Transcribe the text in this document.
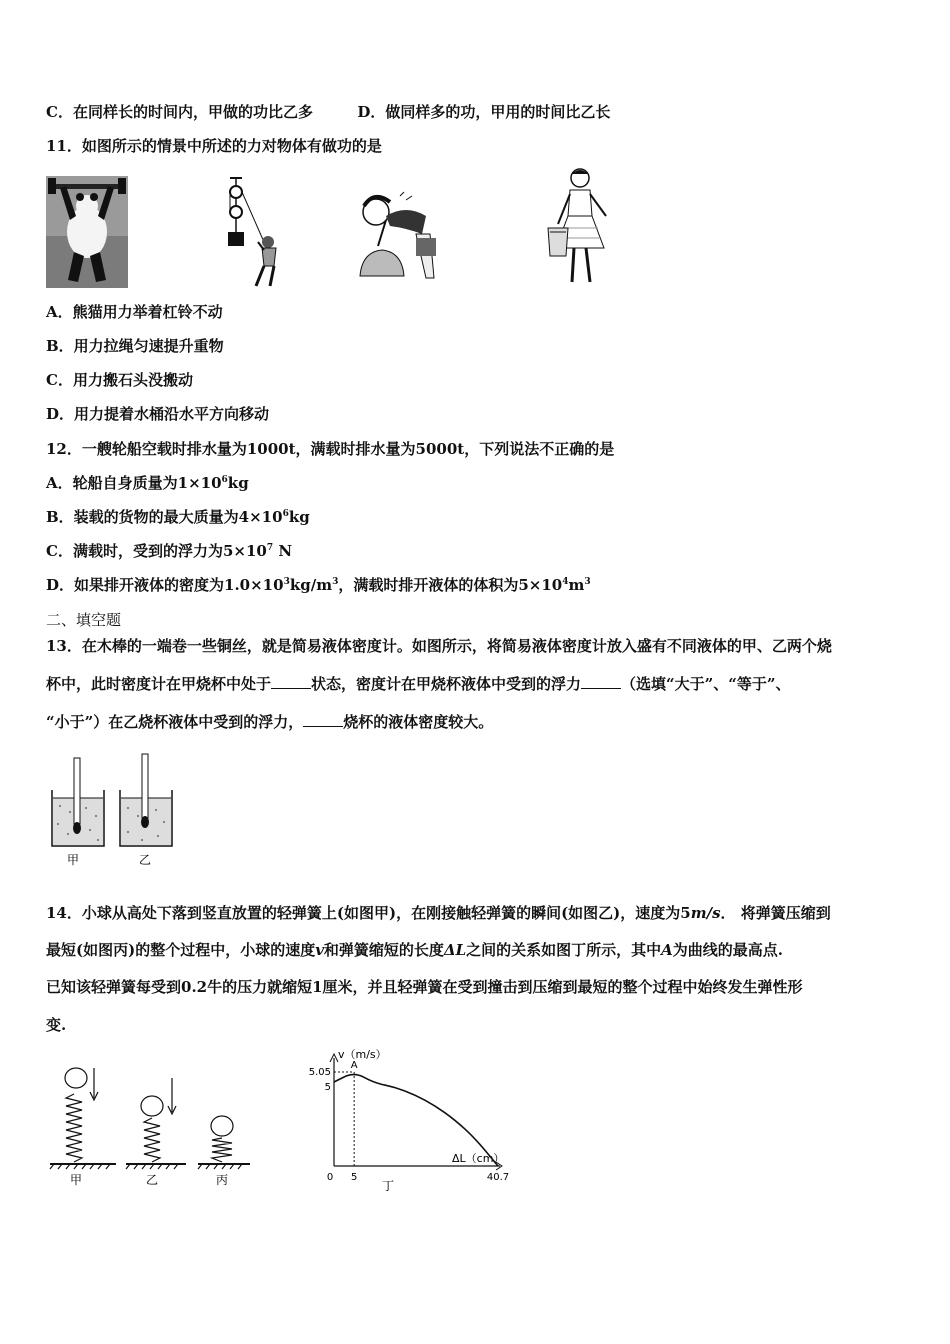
C．在同样长的时间内，甲做的功比乙多	D．做同样多的功，甲用的时间比乙长
11．如图所示的情景中所述的力对物体有做功的是
A．熊猫用力举着杠铃不动
B．用力拉绳匀速提升重物
C．用力搬石头没搬动
D．用力提着水桶沿水平方向移动
12．一艘轮船空载时排水量为1000t，满载时排水量为5000t，下列说法不正确的是
A．轮船自身质量为$1\times 10^6kg$
B．装载的货物的最大质量为$4\times 10^6kg$
C．满载时，受到的浮力为$5\times 10^7$ N
D．如果排开液体的密度为$1.0\times 10^3kg/m^3$，满载时排开液体的体积为$5\times 10^4m^3$
二、填空题
13．在木棒的一端卷一些铜丝，就是简易液体密度计。如图所示，将简易液体密度计放入盛有不同液体的甲、乙两个烧
杯中，此时密度计在甲烧杯中处于	状态，密度计在甲烧杯液体中受到的浮力	（选填“大于”、“等于”、
“小于”）在乙烧杯液体中受到的浮力，	烧杯的液体密度较大。
甲	乙
14．小球从高处下落到竖直放置的轻弹簧上(如图甲)，在刚接触轻弹簧的瞬间(如图乙)，速度为5m/s． 将弹簧压缩到
最短(如图丙)的整个过程中，小球的速度v和弹簧缩短的长度ΔL之间的关系如图丁所示，其中A为曲线的最高点.
已知该轻弹簧每受到0.2牛的压力就缩短1厘米，并且轻弹簧在受到撞击到压缩到最短的整个过程中始终发生弹性形
变.
甲	乙	丙
v（m/s）
ΔL（cm）
5.05
5
0 5	40.7
A
丁
